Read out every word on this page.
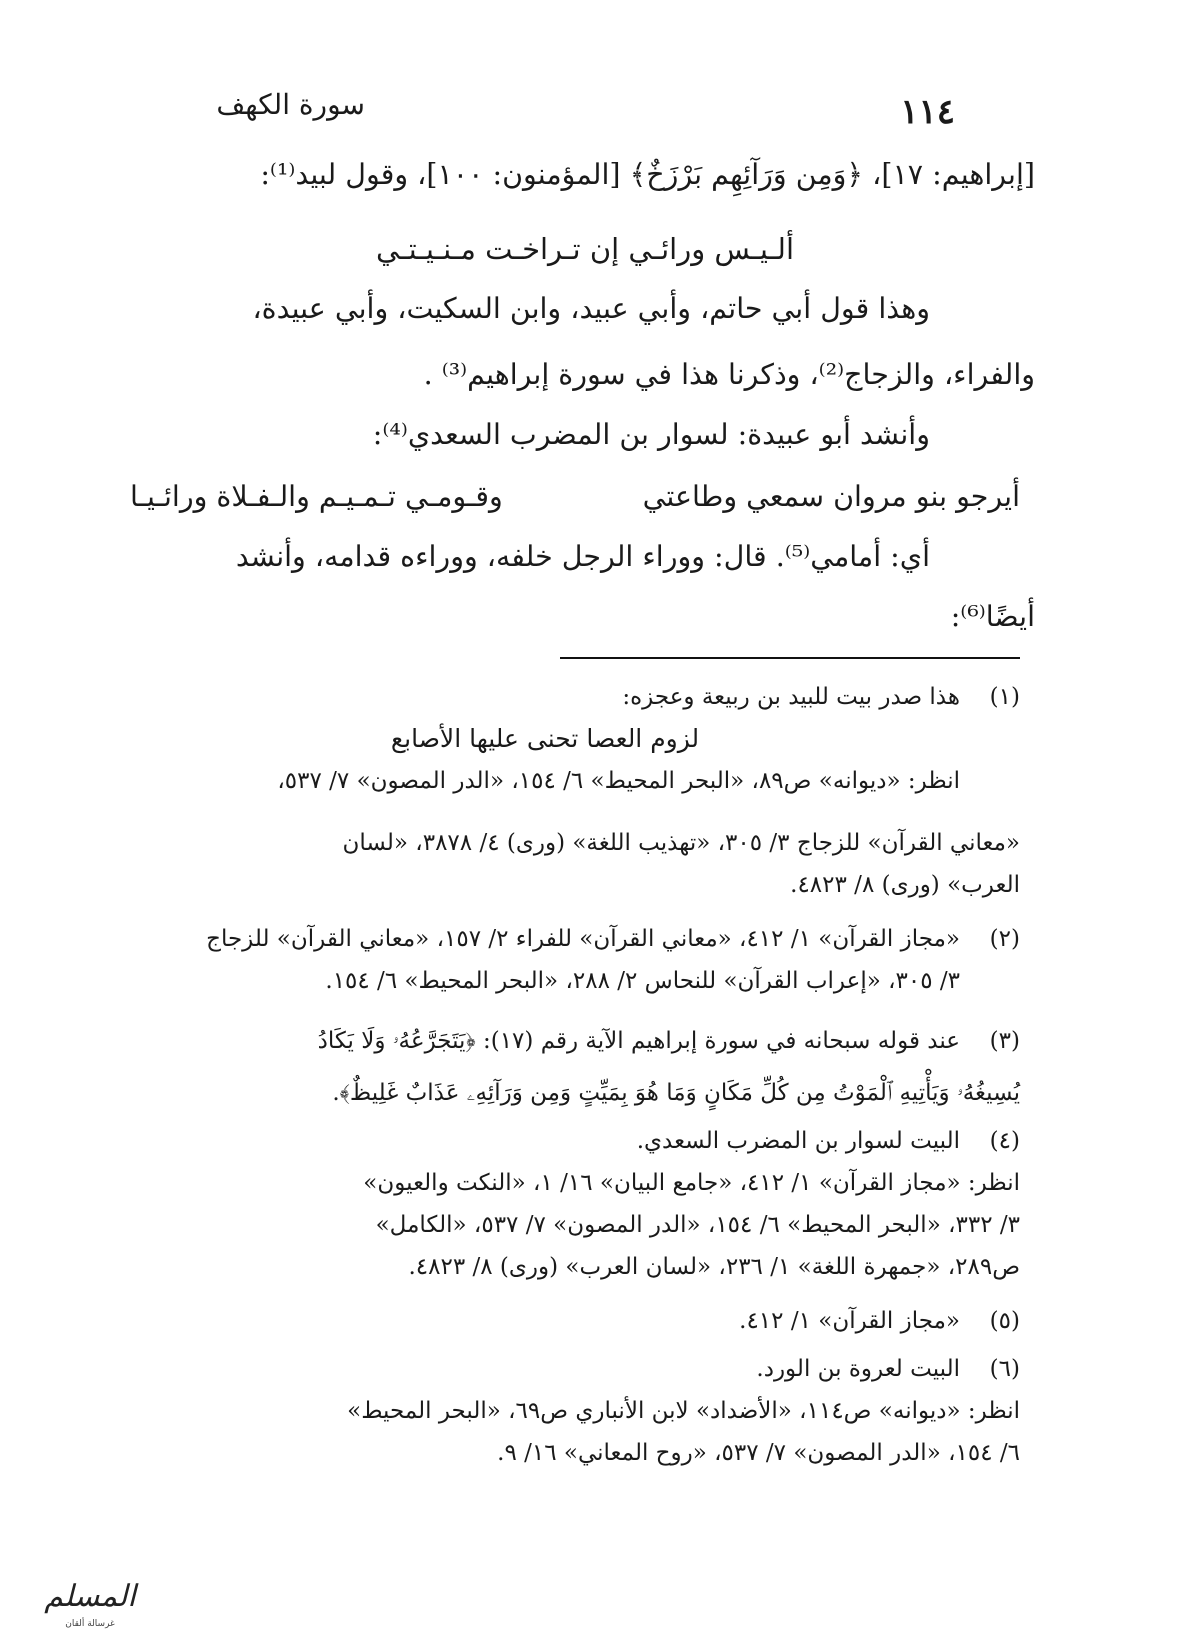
سورة الكهف	١١٤
[إبراهيم: ١٧]، ﴿وَمِن وَرَآئِهِم بَرْزَخٌ﴾ [المؤمنون: ١٠٠]، وقول لبيد⁽¹⁾:
ألـيـس ورائـي إن تـراخـت مـنـيـتـي
وهذا قول أبي حاتم، وأبي عبيد، وابن السكيت، وأبي عبيدة،
والفراء، والزجاج⁽²⁾، وذكرنا هذا في سورة إبراهيم⁽³⁾ .
وأنشد أبو عبيدة: لسوار بن المضرب السعدي⁽⁴⁾:
أيرجو بنو مروان سمعي وطاعتي
وقـومـي تـمـيـم والـفـلاة ورائـيـا
أي: أمامي⁽⁵⁾. قال: ووراء الرجل خلفه، ووراءه قدامه، وأنشد
أيضًا⁽⁶⁾:
(١)
هذا صدر بيت للبيد بن ربيعة وعجزه:
لزوم العصا تحنى عليها الأصابع
انظر: «ديوانه» ص٨٩، «البحر المحيط» ٦/ ١٥٤، «الدر المصون» ٧/ ٥٣٧،
«معاني القرآن» للزجاج ٣/ ٣٠٥، «تهذيب اللغة» (ورى) ٤/ ٣٨٧٨، «لسان
العرب» (ورى) ٨/ ٤٨٢٣.
(٢)
«مجاز القرآن» ١/ ٤١٢، «معاني القرآن» للفراء ٢/ ١٥٧، «معاني القرآن» للزجاج
٣/ ٣٠٥، «إعراب القرآن» للنحاس ٢/ ٢٨٨، «البحر المحيط» ٦/ ١٥٤.
(٣)
عند قوله سبحانه في سورة إبراهيم الآية رقم (١٧): ﴿يَتَجَرَّعُهُۥ وَلَا يَكَادُ
يُسِيغُهُۥ وَيَأْتِيهِ ٱلْمَوْتُ مِن كُلِّ مَكَانٍ وَمَا هُوَ بِمَيِّتٍ وَمِن وَرَآئِهِۦ عَذَابٌ غَلِيظٌ﴾.
(٤)
البيت لسوار بن المضرب السعدي.
انظر: «مجاز القرآن» ١/ ٤١٢، «جامع البيان» ١٦/ ١، «النكت والعيون»
٣/ ٣٣٢، «البحر المحيط» ٦/ ١٥٤، «الدر المصون» ٧/ ٥٣٧، «الكامل»
ص٢٨٩، «جمهرة اللغة» ١/ ٢٣٦، «لسان العرب» (ورى) ٨/ ٤٨٢٣.
(٥)
«مجاز القرآن» ١/ ٤١٢.
(٦)
البيت لعروة بن الورد.
انظر: «ديوانه» ص١١٤، «الأضداد» لابن الأنباري ص٦٩، «البحر المحيط»
٦/ ١٥٤، «الدر المصون» ٧/ ٥٣٧، «روح المعاني» ١٦/ ٩.
المسلم
غرسالة ألقان
